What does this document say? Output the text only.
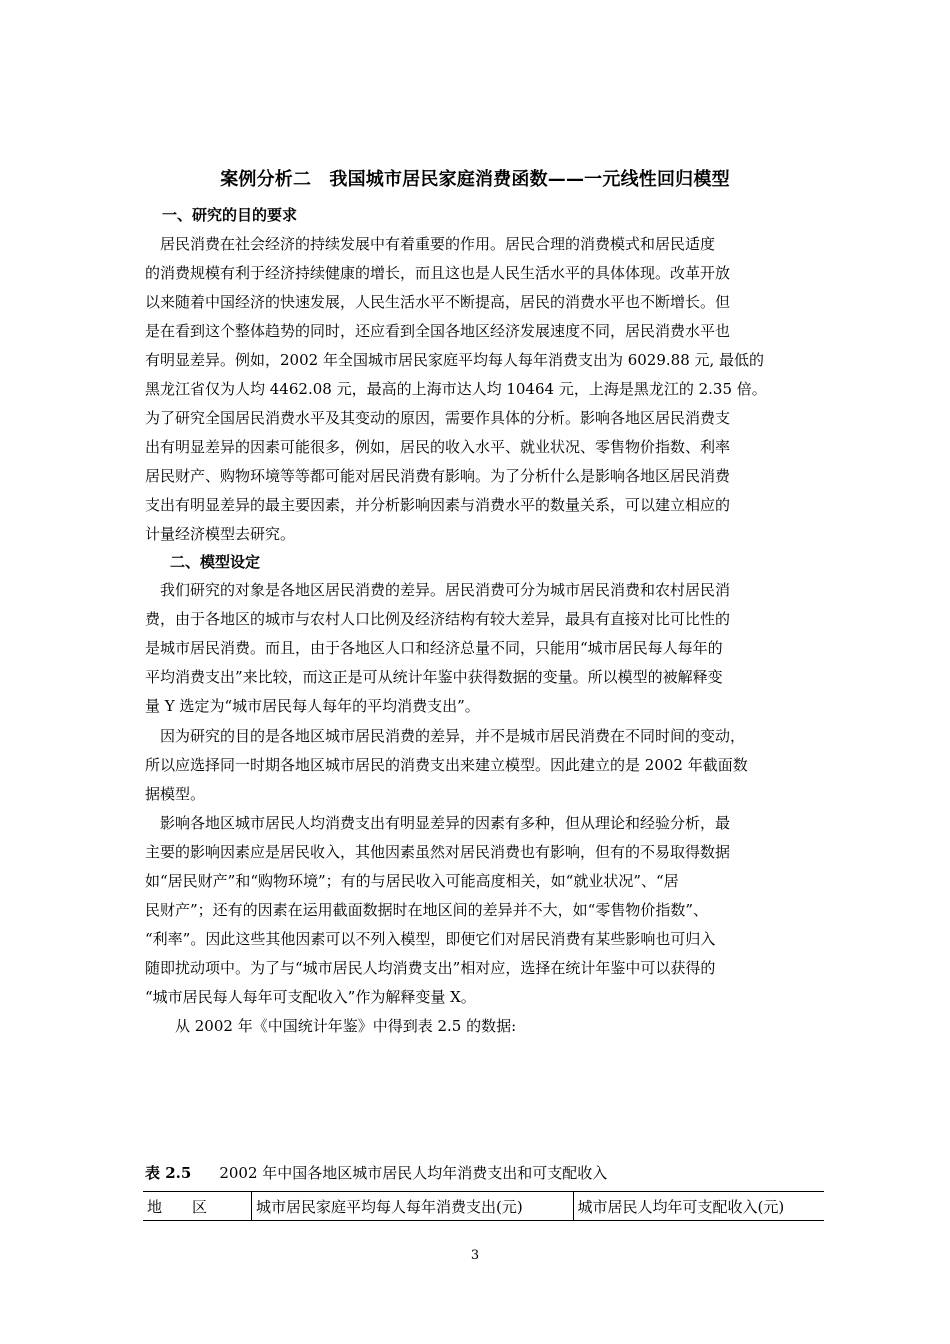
案例分析二　我国城市居民家庭消费函数——一元线性回归模型
一、研究的目的要求

　居民消费在社会经济的持续发展中有着重要的作用。居民合理的消费模式和居民适度
的消费规模有利于经济持续健康的增长，而且这也是人民生活水平的具体体现。改革开放
以来随着中国经济的快速发展，人民生活水平不断提高，居民的消费水平也不断增长。但
是在看到这个整体趋势的同时，还应看到全国各地区经济发展速度不同，居民消费水平也
有明显差异。例如，2002 年全国城市居民家庭平均每人每年消费支出为 6029.88 元, 最低的
黑龙江省仅为人均 4462.08 元，最高的上海市达人均 10464 元，上海是黑龙江的 2.35 倍。
为了研究全国居民消费水平及其变动的原因，需要作具体的分析。影响各地区居民消费支
出有明显差异的因素可能很多，例如，居民的收入水平、就业状况、零售物价指数、利率
居民财产、购物环境等等都可能对居民消费有影响。为了分析什么是影响各地区居民消费
支出有明显差异的最主要因素，并分析影响因素与消费水平的数量关系，可以建立相应的
计量经济模型去研究。

二、模型设定

我们研究的对象是各地区居民消费的差异。居民消费可分为城市居民消费和农村居民消
费，由于各地区的城市与农村人口比例及经济结构有较大差异，最具有直接对比可比性的
是城市居民消费。而且，由于各地区人口和经济总量不同，只能用“城市居民每人每年的
平均消费支出”来比较，而这正是可从统计年鉴中获得数据的变量。所以模型的被解释变
量 Y 选定为“城市居民每人每年的平均消费支出”。

因为研究的目的是各地区城市居民消费的差异，并不是城市居民消费在不同时间的变动，
所以应选择同一时期各地区城市居民的消费支出来建立模型。因此建立的是 2002 年截面数
据模型。

影响各地区城市居民人均消费支出有明显差异的因素有多种，但从理论和经验分析，最
主要的影响因素应是居民收入，其他因素虽然对居民消费也有影响，但有的不易取得数据
如“居民财产”和“购物环境”；有的与居民收入可能高度相关，如“就业状况”、“居
民财产”；还有的因素在运用截面数据时在地区间的差异并不大，如“零售物价指数”、
“利率”。因此这些其他因素可以不列入模型，即便它们对居民消费有某些影响也可归入
随即扰动项中。为了与“城市居民人均消费支出”相对应，选择在统计年鉴中可以获得的
“城市居民每人每年可支配收入”作为解释变量 X。

从 2002 年《中国统计年鉴》中得到表 2.5 的数据:

表 2.5 2002 年中国各地区城市居民人均年消费支出和可支配收入
地　　区	城市居民家庭平均每人每年消费支出(元)	城市居民人均年可支配收入(元)
3
